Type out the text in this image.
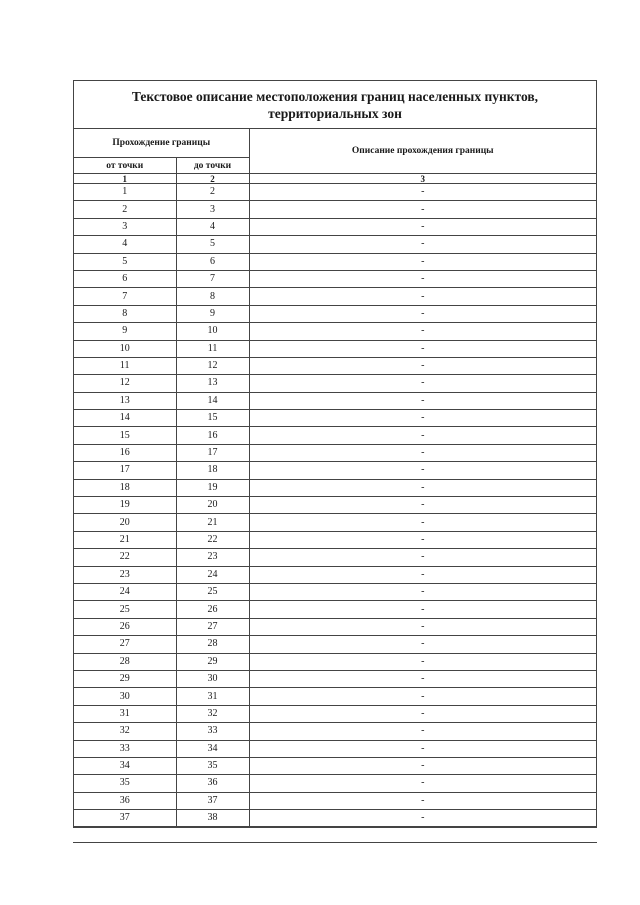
Текстовое описание местоположения границ населенных пунктов,
территориальных зон
Прохождение границы		Описание прохождения границы
от точки	до точки	
1	2	3
1	2	-
2	3	-
3	4	-
4	5	-
5	6	-
6	7	-
7	8	-
8	9	-
9	10	-
10	11	-
11	12	-
12	13	-
13	14	-
14	15	-
15	16	-
16	17	-
17	18	-
18	19	-
19	20	-
20	21	-
21	22	-
22	23	-
23	24	-
24	25	-
25	26	-
26	27	-
27	28	-
28	29	-
29	30	-
30	31	-
31	32	-
32	33	-
33	34	-
34	35	-
35	36	-
36	37	-
37	38	-
